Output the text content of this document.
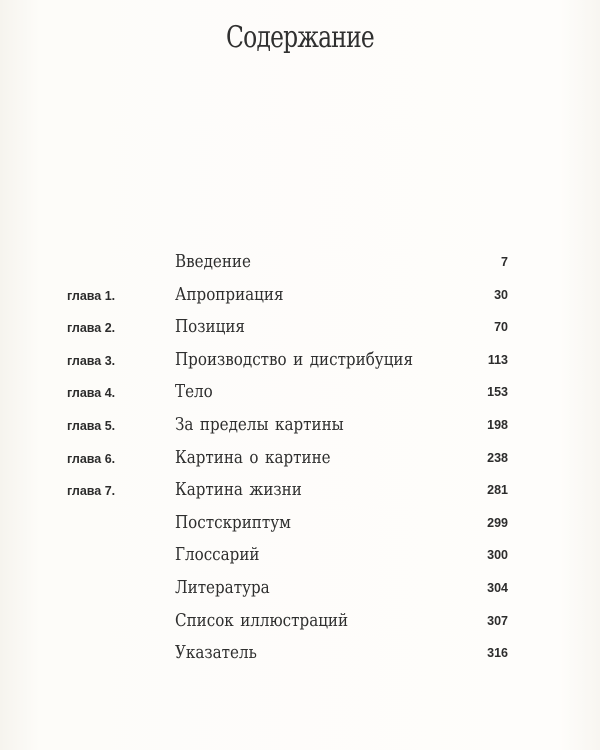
Содержание
Введение	7
глава 1.	Апроприация	30
глава 2.	Позиция	70
глава 3.	Производство и дистрибуция	113
глава 4.	Тело	153
глава 5.	За пределы картины	198
глава 6.	Картина о картине	238
глава 7.	Картина жизни	281
Постскриптум	299
Глоссарий	300
Литература	304
Список иллюстраций	307
Указатель	316
